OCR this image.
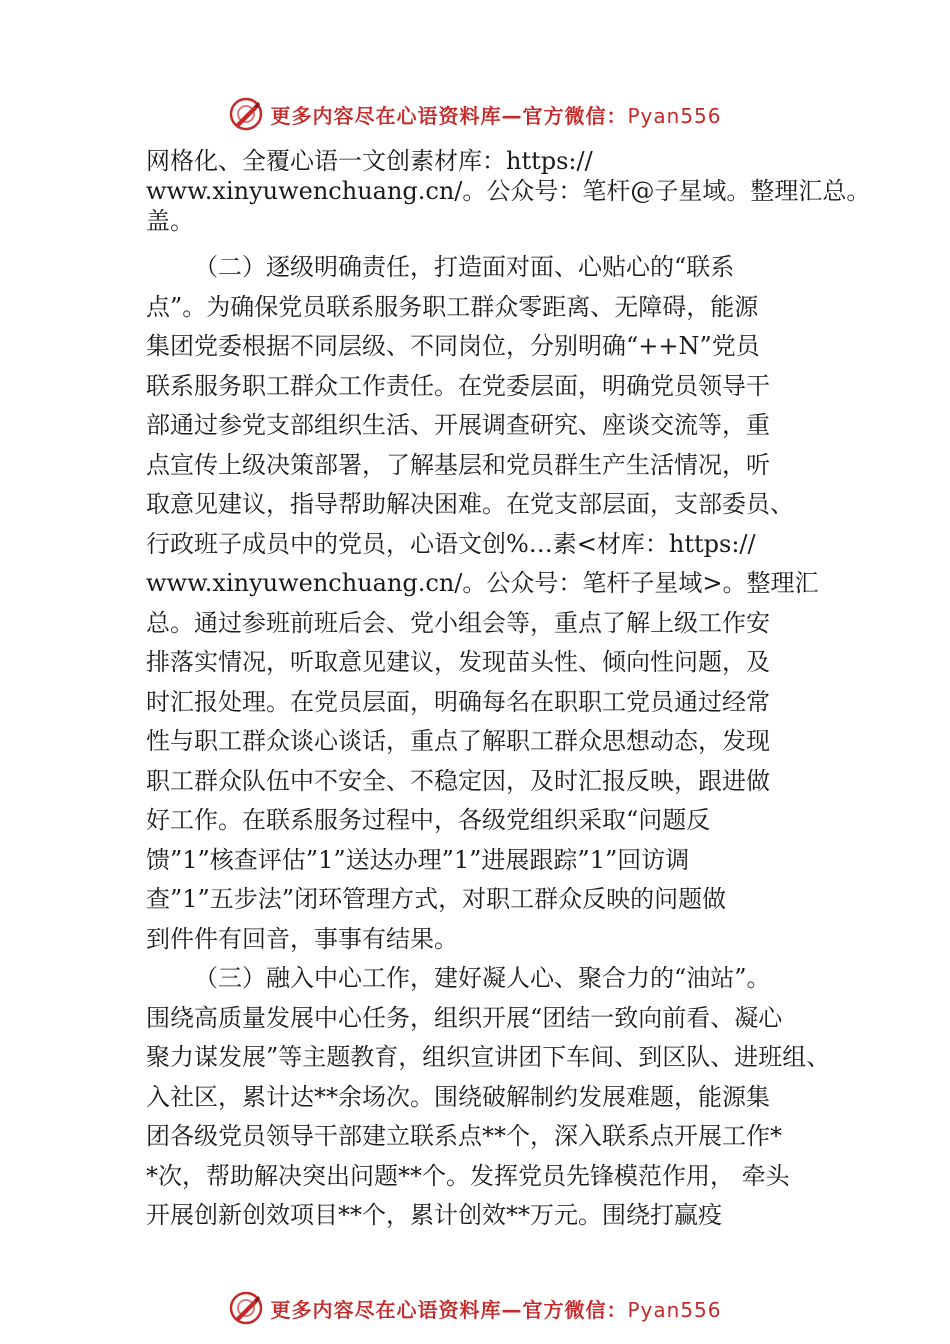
更多内容尽在心语资料库—官方微信：Pyan556
网格化、全覆心语一文创素材库：https://
www.xinyuwenchuang.cn/。公众号：笔杆@子星域。整理汇总。
盖。
（二）逐级明确责任，打造面对面、心贴心的“联系
点”。为确保党员联系服务职工群众零距离、无障碍，能源
集团党委根据不同层级、不同岗位，分别明确“++N”党员
联系服务职工群众工作责任。在党委层面，明确党员领导干
部通过参党支部组织生活、开展调查研究、座谈交流等，重
点宣传上级决策部署，了解基层和党员群生产生活情况，听
取意见建议，指导帮助解决困难。在党支部层面，支部委员、
行政班子成员中的党员，心语文创%…素<材库：https://
www.xinyuwenchuang.cn/。公众号：笔杆子星域>。整理汇
总。通过参班前班后会、党小组会等，重点了解上级工作安
排落实情况，听取意见建议，发现苗头性、倾向性问题，及
时汇报处理。在党员层面，明确每名在职职工党员通过经常
性与职工群众谈心谈话，重点了解职工群众思想动态，发现
职工群众队伍中不安全、不稳定因，及时汇报反映，跟进做
好工作。在联系服务过程中，各级党组织采取“问题反
馈”1”核查评估”1”送达办理”1”进展跟踪”1”回访调
查”1”五步法”闭环管理方式，对职工群众反映的问题做
到件件有回音，事事有结果。
（三）融入中心工作，建好凝人心、聚合力的“油站”。
围绕高质量发展中心任务，组织开展“团结一致向前看、凝心
聚力谋发展”等主题教育，组织宣讲团下车间、到区队、进班组、
入社区，累计达**余场次。围绕破解制约发展难题，能源集
团各级党员领导干部建立联系点**个，深入联系点开展工作*
*次，帮助解决突出问题**个。发挥党员先锋模范作用， 牵头
开展创新创效项目**个，累计创效**万元。围绕打赢疫
更多内容尽在心语资料库—官方微信：Pyan556
